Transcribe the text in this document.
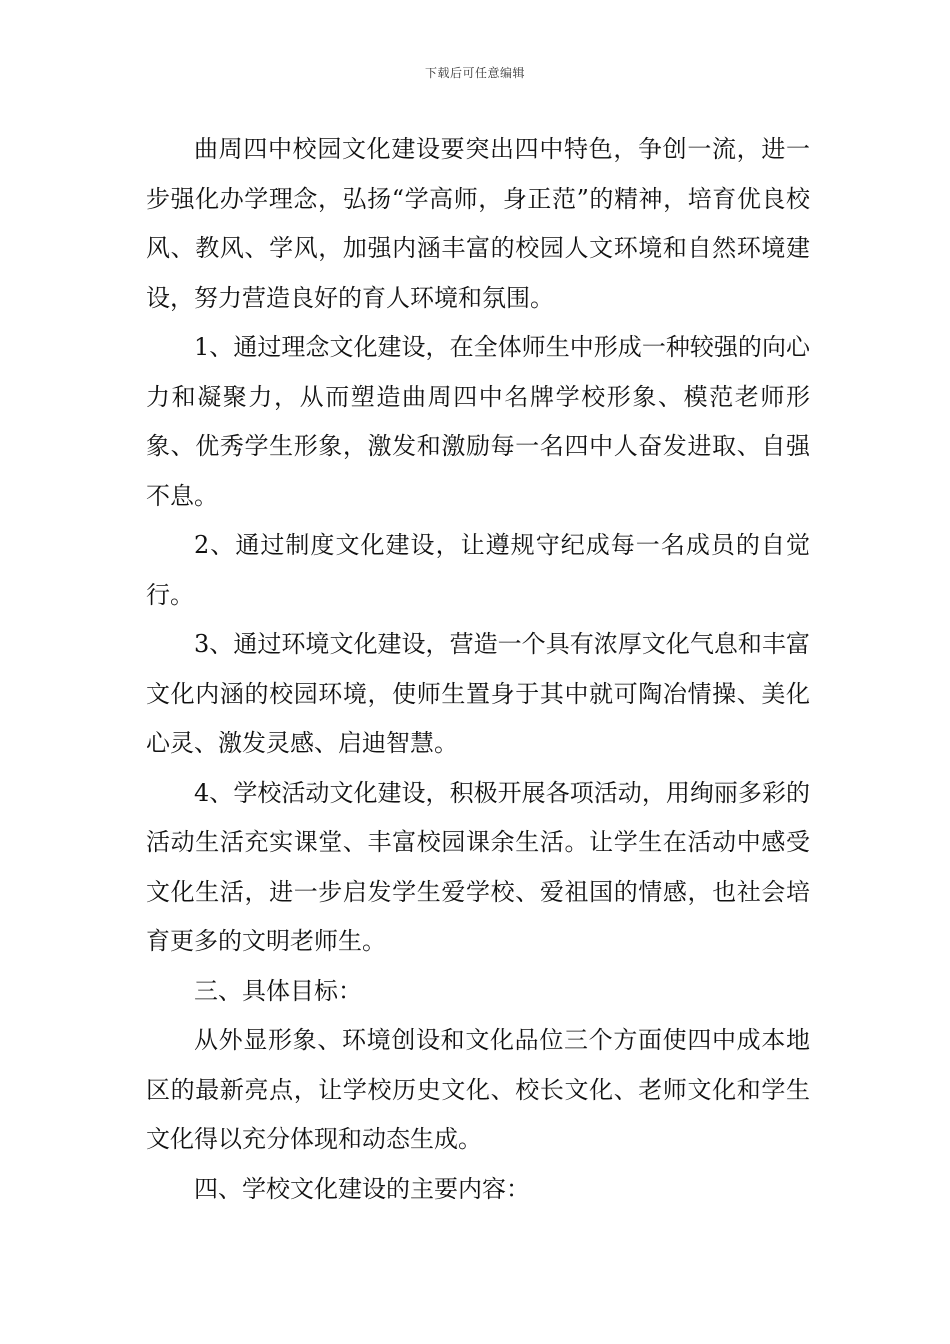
下载后可任意编辑

曲周四中校园文化建设要突出四中特色，争创一流，进一步强化办学理念，弘扬“学高师，身正范”的精神，培育优良校风、教风、学风，加强内涵丰富的校园人文环境和自然环境建设，努力营造良好的育人环境和氛围。

1、通过理念文化建设，在全体师生中形成一种较强的向心力和凝聚力，从而塑造曲周四中名牌学校形象、模范老师形象、优秀学生形象，激发和激励每一名四中人奋发进取、自强不息。

2、通过制度文化建设，让遵规守纪成每一名成员的自觉行。

3、通过环境文化建设，营造一个具有浓厚文化气息和丰富文化内涵的校园环境，使师生置身于其中就可陶冶情操、美化心灵、激发灵感、启迪智慧。

4、学校活动文化建设，积极开展各项活动，用绚丽多彩的活动生活充实课堂、丰富校园课余生活。让学生在活动中感受文化生活，进一步启发学生爱学校、爱祖国的情感，也社会培育更多的文明老师生。

三、具体目标：

从外显形象、环境创设和文化品位三个方面使四中成本地区的最新亮点，让学校历史文化、校长文化、老师文化和学生文化得以充分体现和动态生成。

四、学校文化建设的主要内容：
